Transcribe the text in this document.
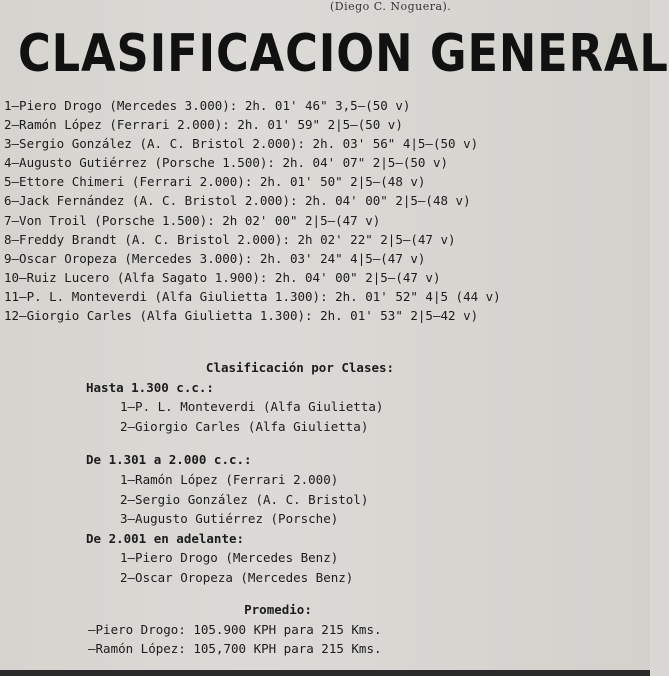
(Diego C. Noguera).
CLASIFICACION GENERAL
1—Piero Drogo (Mercedes 3.000): 2h. 01' 46" 3,5—(50 v)
2—Ramón López (Ferrari 2.000): 2h. 01' 59" 2|5—(50 v)
3—Sergio González (A. C. Bristol 2.000): 2h. 03' 56" 4|5—(50 v)
4—Augusto Gutiérrez (Porsche 1.500): 2h. 04' 07" 2|5—(50 v)
5—Ettore Chimeri (Ferrari 2.000): 2h. 01' 50" 2|5—(48 v)
6—Jack Fernández (A. C. Bristol 2.000): 2h. 04' 00" 2|5—(48 v)
7—Von Troil (Porsche 1.500): 2h 02' 00" 2|5—(47 v)
8—Freddy Brandt (A. C. Bristol 2.000): 2h 02' 22" 2|5—(47 v)
9—Oscar Oropeza (Mercedes 3.000): 2h. 03' 24" 4|5—(47 v)
10—Ruiz Lucero (Alfa Sagato 1.900): 2h. 04' 00" 2|5—(47 v)
11—P. L. Monteverdi (Alfa Giulietta 1.300): 2h. 01' 52" 4|5 (44 v)
12—Giorgio Carles (Alfa Giulietta 1.300): 2h. 01' 53" 2|5—42 v)
Clasificación por Clases:
Hasta 1.300 c.c.:
1—P. L. Monteverdi (Alfa Giulietta)
2—Giorgio Carles (Alfa Giulietta)
De 1.301 a 2.000 c.c.:
1—Ramón López (Ferrari 2.000)
2—Sergio González (A. C. Bristol)
3—Augusto Gutiérrez (Porsche)
De 2.001 en adelante:
1—Piero Drogo (Mercedes Benz)
2—Oscar Oropeza (Mercedes Benz)
Promedio:
—Piero Drogo: 105.900 KPH para 215 Kms.
—Ramón López: 105,700 KPH para 215 Kms.
